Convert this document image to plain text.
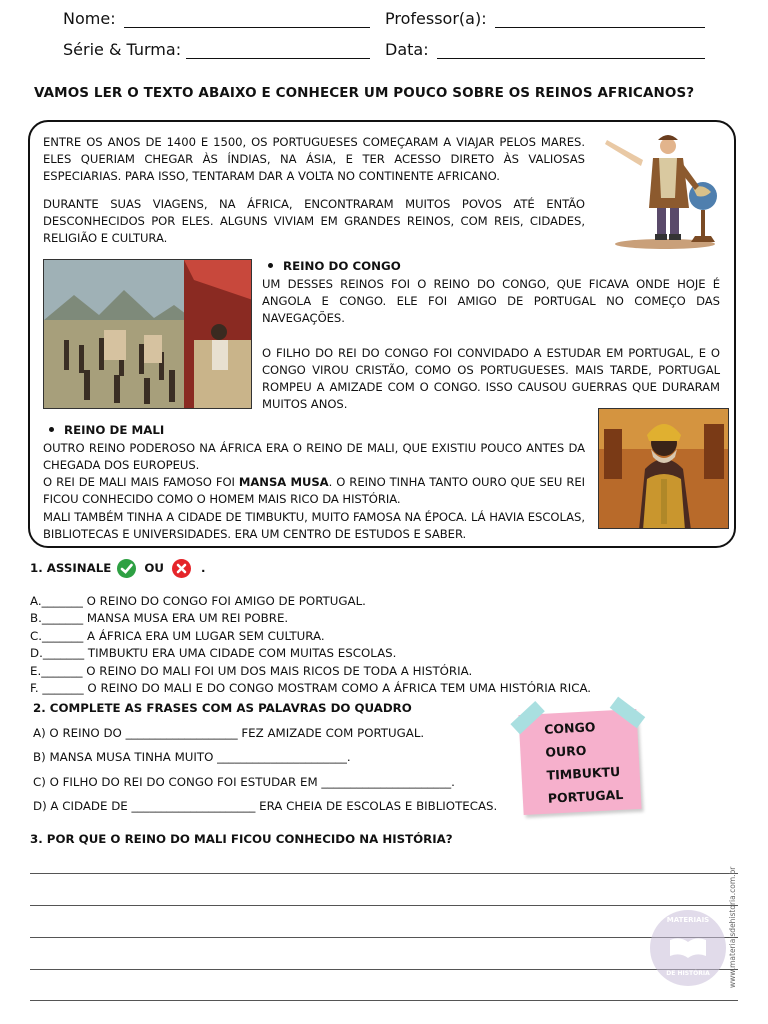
Nome:	Professor(a):
Série & Turma:	Data:
VAMOS LER O TEXTO ABAIXO E CONHECER UM POUCO SOBRE OS REINOS AFRICANOS?
ENTRE OS ANOS DE 1400 E 1500, OS PORTUGUESES COMEÇARAM A VIAJAR PELOS MARES. ELES QUERIAM CHEGAR ÀS ÍNDIAS, NA ÁSIA, E TER ACESSO DIRETO ÀS VALIOSAS ESPECIARIAS. PARA ISSO, TENTARAM DAR A VOLTA NO CONTINENTE AFRICANO.
DURANTE SUAS VIAGENS, NA ÁFRICA, ENCONTRARAM MUITOS POVOS ATÉ ENTÃO DESCONHECIDOS POR ELES. ALGUNS VIVIAM EM GRANDES REINOS, COM REIS, CIDADES, RELIGIÃO E CULTURA.
REINO DO CONGO
UM DESSES REINOS FOI O REINO DO CONGO, QUE FICAVA ONDE HOJE É ANGOLA E CONGO. ELE FOI AMIGO DE PORTUGAL NO COMEÇO DAS NAVEGAÇÕES.
O FILHO DO REI DO CONGO FOI CONVIDADO A ESTUDAR EM PORTUGAL, E O CONGO VIROU CRISTÃO, COMO OS PORTUGUESES. MAIS TARDE, PORTUGAL ROMPEU A AMIZADE COM O CONGO. ISSO CAUSOU GUERRAS QUE DURARAM MUITOS ANOS.
REINO DE MALI
OUTRO REINO PODEROSO NA ÁFRICA ERA O REINO DE MALI, QUE EXISTIU POUCO ANTES DA CHEGADA DOS EUROPEUS.
O REI DE MALI MAIS FAMOSO FOI MANSA MUSA. O REINO TINHA TANTO OURO QUE SEU REI FICOU CONHECIDO COMO O HOMEM MAIS RICO DA HISTÓRIA.
MALI TAMBÉM TINHA A CIDADE DE TIMBUKTU, MUITO FAMOSA NA ÉPOCA. LÁ HAVIA ESCOLAS, BIBLIOTECAS E UNIVERSIDADES. ERA UM CENTRO DE ESTUDOS E SABER.
1. ASSINALE	OU	.
A._______ O REINO DO CONGO FOI AMIGO DE PORTUGAL.
B._______ MANSA MUSA ERA UM REI POBRE.
C._______ A ÁFRICA ERA UM LUGAR SEM CULTURA.
D._______ TIMBUKTU ERA UMA CIDADE COM MUITAS ESCOLAS.
E._______ O REINO DO MALI FOI UM DOS MAIS RICOS DE TODA A HISTÓRIA.
F. _______ O REINO DO MALI E DO CONGO MOSTRAM COMO A ÁFRICA TEM UMA HISTÓRIA RICA.
2. COMPLETE AS FRASES COM AS PALAVRAS DO QUADRO
A) O REINO DO ___________________ FEZ AMIZADE COM PORTUGAL.
B) MANSA MUSA TINHA MUITO ______________________.
C) O FILHO DO REI DO CONGO FOI ESTUDAR EM ______________________.
D) A CIDADE DE _____________________ ERA CHEIA DE ESCOLAS E BIBLIOTECAS.
CONGO
OURO
TIMBUKTU
PORTUGAL
3. POR QUE O REINO DO MALI FICOU CONHECIDO NA HISTÓRIA?
MATERIAIS
DE HISTÓRIA	www.materiaisdehistoria.com.br
